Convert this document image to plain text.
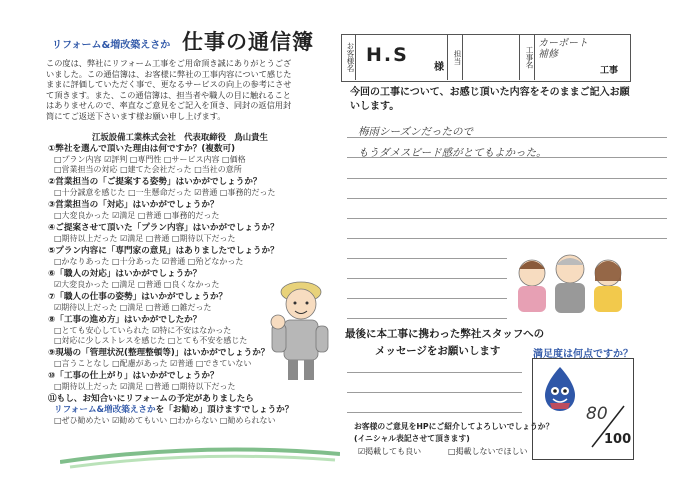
リフォーム&増改築えさか 仕事の通信簿
この度は、弊社にリフォーム工事をご用命頂き誠にありがとうござ
いました。この通信簿は、お客様に弊社の工事内容について感じた
ままに評価していただく事で、更なるサービスの向上の参考にさせ
て頂きます。また、この通信簿は、担当者や職人の目に触れること
はありませんので、率直なご意見をご記入を頂き、同封の返信用封
筒にてご返送下さいます様お願い申し上げます。
江坂設備工業株式会社　代表取締役　鳥山貴生
①弊社を選んで頂いた理由は何ですか？(複数可)
□プラン内容 ☑評判 □専門性 □サービス内容 □価格
□営業担当の対応 □建てた会社だった □当社の意所
②営業担当の「ご提案する姿勢」はいかがでしょうか？
□十分誠意を感じた □一生懸命だった ☑普通 □事務的だった
③営業担当の「対応」はいかがでしょうか？
□大変良かった ☑満足 □普通 □事務的だった
④ご提案させて頂いた「プラン内容」はいかがでしょうか？
□期待以上だった ☑満足 □普通 □期待以下だった
⑤プラン内容に「専門家の意見」はありましたでしょうか？
□かなりあった □十分あった ☑普通 □殆どなかった
⑥「職人の対応」はいかがでしょうか？
☑大変良かった □満足 □普通 □良くなかった
⑦「職人の仕事の姿勢」はいかがでしょうか？
☑期待以上だった □満足 □普通 □雑だった
⑧「工事の進め方」はいかがでしたか？
□とても安心していられた ☑特に不安はなかった
□対応に少しストレスを感じた □とても不安を感じた
⑨現場の「管理状況(整理整頓等)」はいかがでしょうか？
□言うことなし □配慮があった ☑普通 □できていない
⑩「工事の仕上がり」はいかがでしょうか？
□期待以上だった ☑満足 □普通 □期待以下だった
⑪もし、お知合いにリフォームの予定がありましたら
リフォーム&増改築えさかを「お勧め」頂けますでしょうか？
□ぜひ勧めたい ☑勧めてもいい □わからない □勧められない
お客様名 H.S
様
担当	工事名
カーポート
補修
工事
今回の工事について、お感じ頂いた内容をそのままご記入お願いします。
梅雨シーズンだったので
もうダメスピード感がとてもよかった。
最後に本工事に携わった弊社スタッフへの
メッセージをお願いします	満足度は何点ですか？
80
100
お客様のご意見をHPにご紹介してよろしいでしょうか？
(イニシャル表記させて頂きます)
☑掲載しても良い	□掲載しないでほしい
